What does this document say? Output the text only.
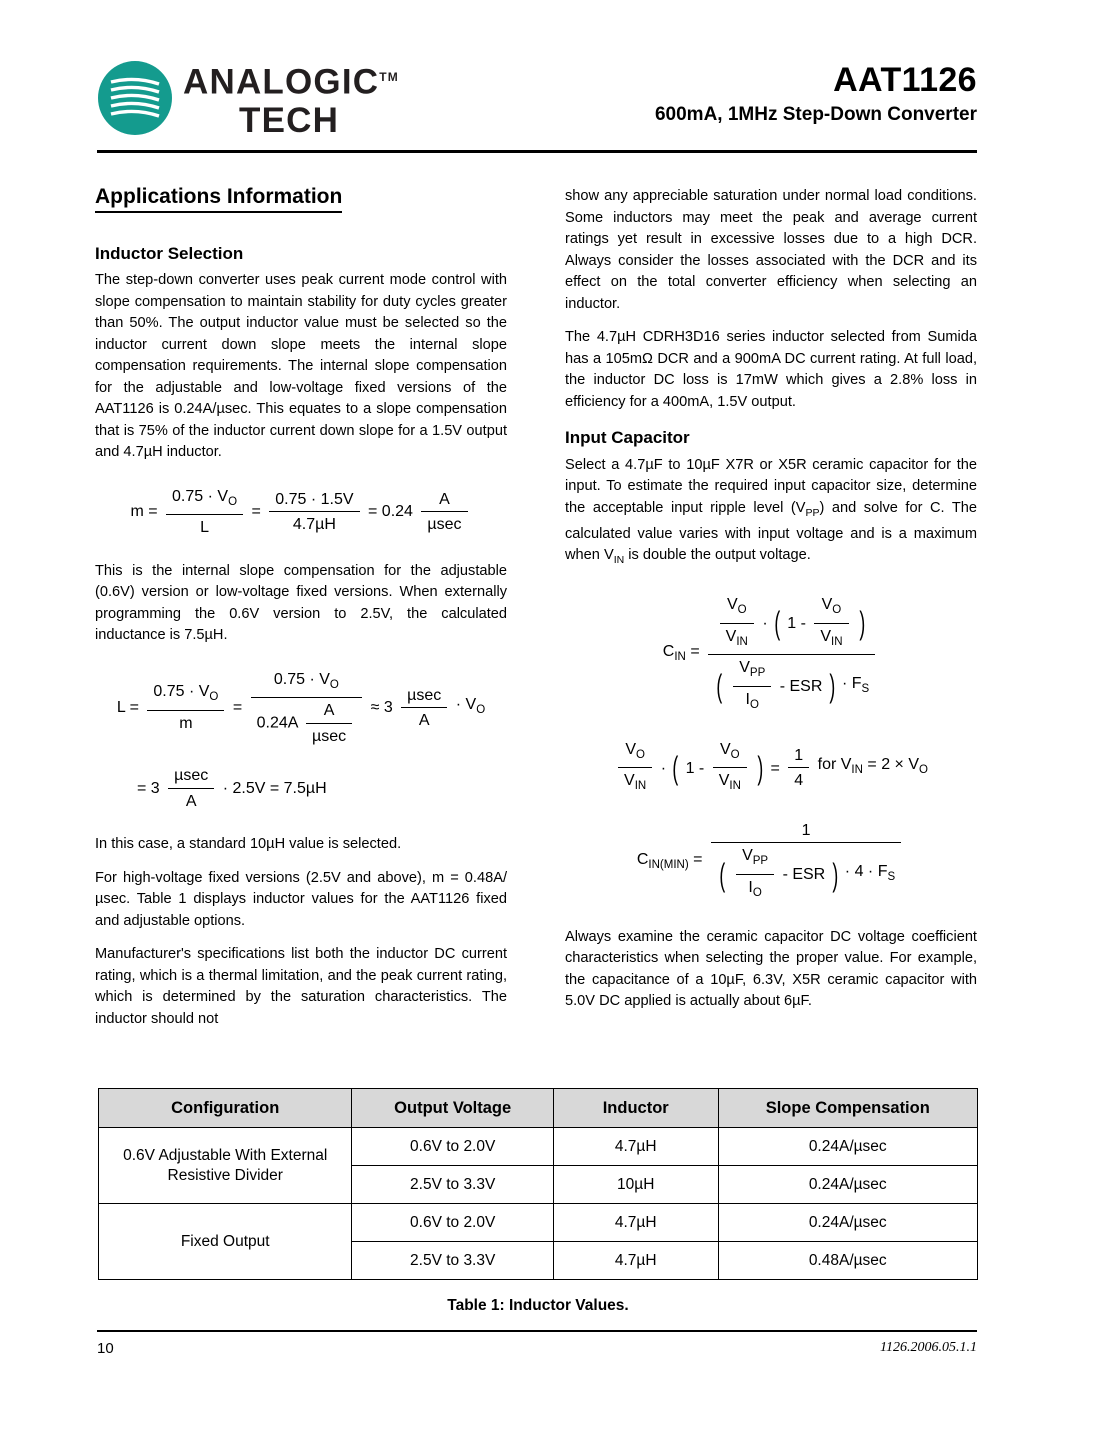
ANALOGIC™
TECH
AAT1126
600mA, 1MHz Step-Down Converter
Applications Information
Inductor Selection

The step-down converter uses peak current mode control with slope compensation to maintain stability for duty cycles greater than 50%. The output inductor value must be selected so the inductor current down slope meets the internal slope compensation requirements. The internal slope compensation for the adjustable and low-voltage fixed versions of the AAT1126 is 0.24A/µsec. This equates to a slope compensation that is 75% of the inductor current down slope for a 1.5V output and 4.7µH inductor.

$m = \frac{0.75 \cdot V_O}{L} = \frac{0.75 \cdot 1.5V}{\text{4.7µH}} = 0.24 \frac{A}{\text{µsec}}$

This is the internal slope compensation for the adjustable (0.6V) version or low-voltage fixed versions. When externally programming the 0.6V version to 2.5V, the calculated inductance is 7.5µH.

$L = \frac{0.75 \cdot V_O}{m} = \frac{0.75 \cdot V_O}{0.24A \frac{A}{\text{µsec}}} \approx 3 \frac{\text{µsec}}{A} \cdot V_O$
= $3 \frac{\text{µsec}}{A} \cdot 2.5V = 7.5\mu H$

In this case, a standard 10µH value is selected.

For high-voltage fixed versions (2.5V and above), m = 0.48A/µsec. Table 1 displays inductor values for the AAT1126 fixed and adjustable options.

Manufacturer's specifications list both the inductor DC current rating, which is a thermal limitation, and the peak current rating, which is determined by the saturation characteristics. The inductor should not

show any appreciable saturation under normal load conditions. Some inductors may meet the peak and average current ratings yet result in excessive losses due to a high DCR. Always consider the losses associated with the DCR and its effect on the total converter efficiency when selecting an inductor.

The 4.7µH CDRH3D16 series inductor selected from Sumida has a 105mΩ DCR and a 900mA DC current rating. At full load, the inductor DC loss is 17mW which gives a 2.8% loss in efficiency for a 400mA, 1.5V output.

Input Capacitor

Select a 4.7µF to 10µF X7R or X5R ceramic capacitor for the input. To estimate the required input capacitor size, determine the acceptable input ripple level $(V_{PP})$ and solve for C. The calculated value varies with input voltage and is a maximum when $V_{IN}$ is double the output voltage.

$C_{IN} = \frac{V_O}{V_{IN}}$ · ( $1 - \frac{V_O}{V_{IN}}$ )
( $\frac{V_{PP}}{I_O}$ - ESR ) · $F_S$
$\frac{V_O}{V_{IN}}$ · ( $1 - \frac{V_O}{V_{IN}}$ ) = $\frac{1}{4}$ for $V_{IN} = 2 \times V_O$
$C_{IN(MIN)}$ =
1
( $\frac{V_{PP}}{I_O}$ - ESR ) · $4 \cdot F_S$

Always examine the ceramic capacitor DC voltage coefficient characteristics when selecting the proper value. For example, the capacitance of a 10µF, 6.3V, X5R ceramic capacitor with 5.0V DC applied is actually about 6µF.

Configuration	Output Voltage	Inductor	Slope Compensation
0.6V Adjustable With External Resistive Divider	0.6V to 2.0V	4.7µH	0.24A/µsec
	2.5V to 3.3V	10µH	0.24A/µsec
Fixed Output	0.6V to 2.0V	4.7µH	0.24A/µsec
	2.5V to 3.3V	4.7µH	0.48A/µsec
Table 1: Inductor Values.
10	1126.2006.05.1.1
